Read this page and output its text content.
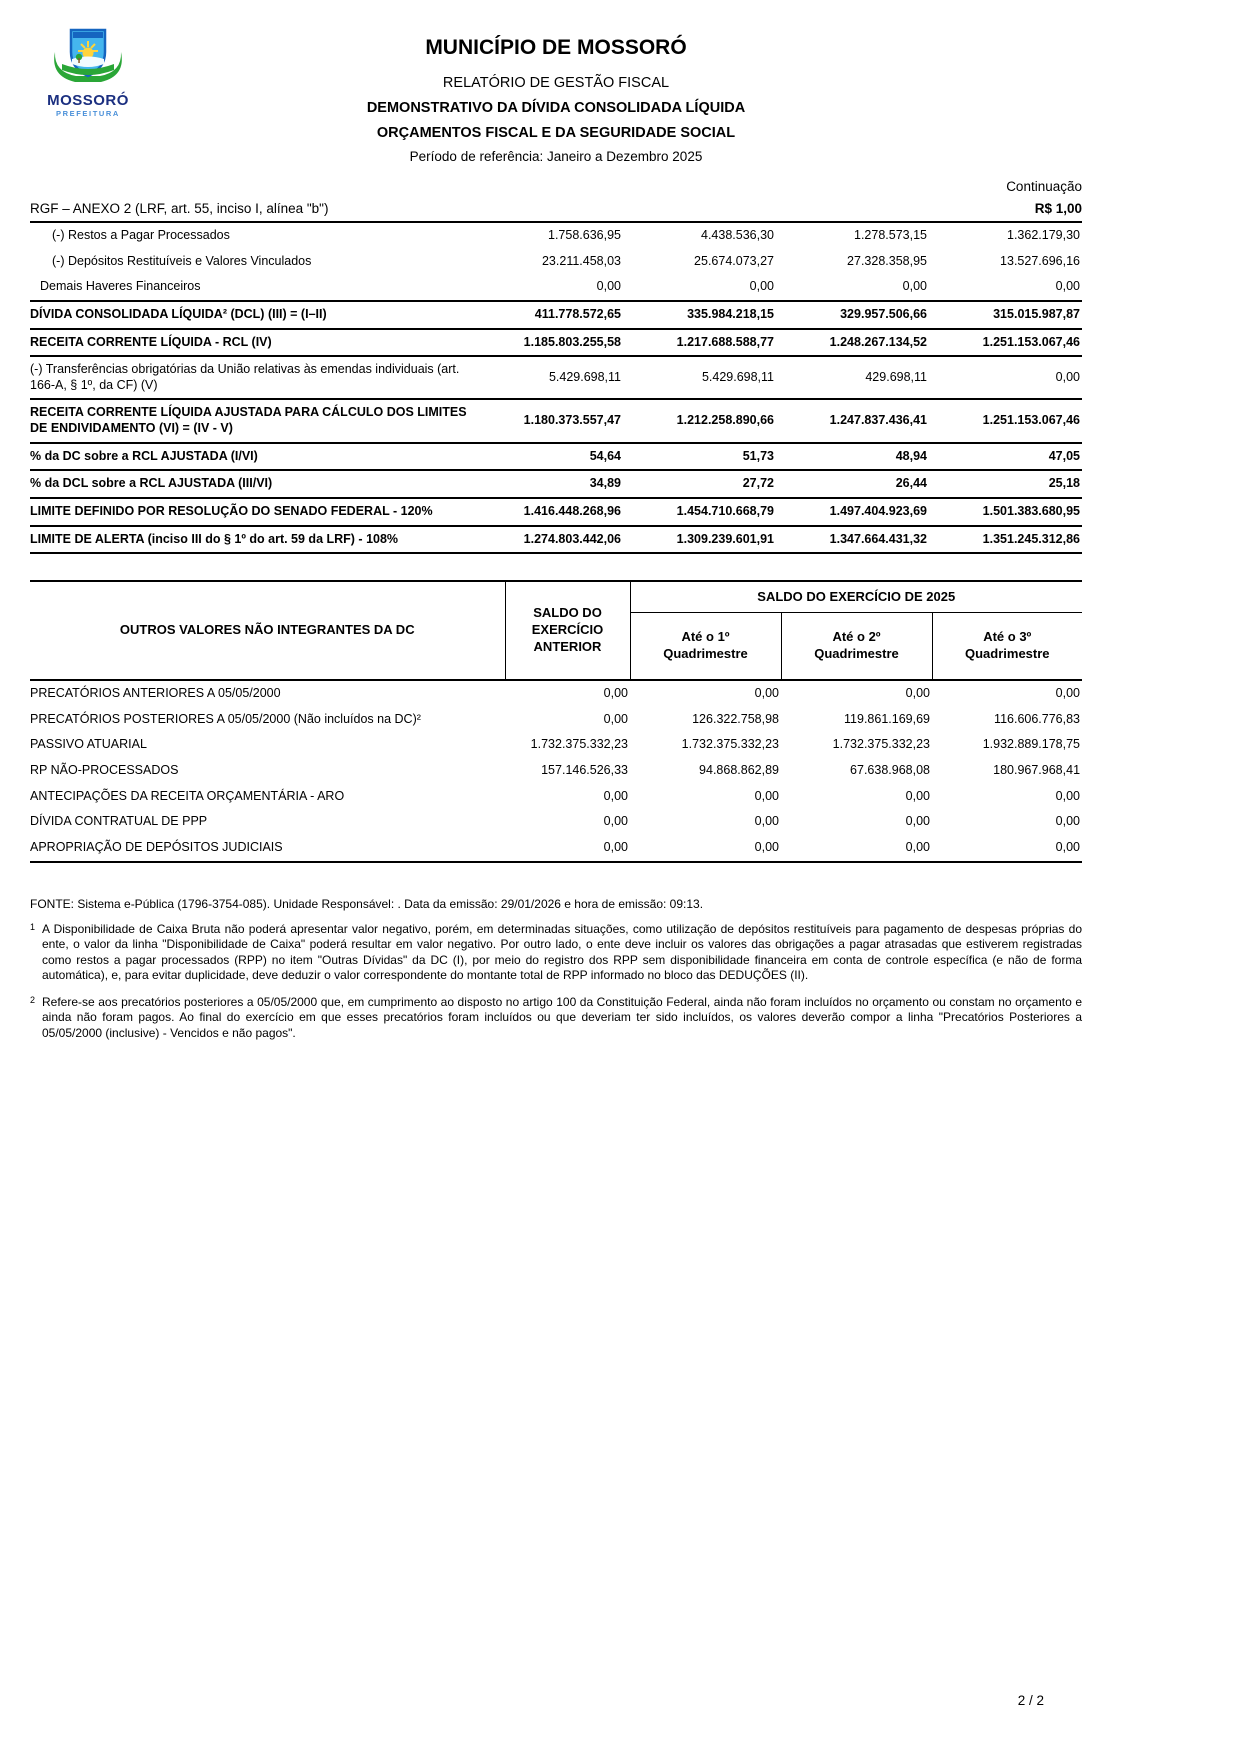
MOSSORÓ
PREFEITURA
MUNICÍPIO DE MOSSORÓ
RELATÓRIO DE GESTÃO FISCAL
DEMONSTRATIVO DA DÍVIDA CONSOLIDADA LÍQUIDA
ORÇAMENTOS FISCAL E DA SEGURIDADE SOCIAL
Período de referência: Janeiro a Dezembro 2025
Continuação
RGF – ANEXO 2 (LRF, art. 55, inciso I, alínea "b")	R$ 1,00
(-) Restos a Pagar Processados	1.758.636,95	4.438.536,30	1.278.573,15	1.362.179,30
(-) Depósitos Restituíveis e Valores Vinculados	23.211.458,03	25.674.073,27	27.328.358,95	13.527.696,16
Demais Haveres Financeiros	0,00	0,00	0,00	0,00
DÍVIDA CONSOLIDADA LÍQUIDA² (DCL) (III) = (I–II)	411.778.572,65	335.984.218,15	329.957.506,66	315.015.987,87
RECEITA CORRENTE LÍQUIDA - RCL (IV)	1.185.803.255,58	1.217.688.588,77	1.248.267.134,52	1.251.153.067,46
(-) Transferências obrigatórias da União relativas às emendas individuais (art. 166-A, § 1º, da CF) (V)	5.429.698,11	5.429.698,11	429.698,11	0,00
RECEITA CORRENTE LÍQUIDA AJUSTADA PARA CÁLCULO DOS LIMITES DE ENDIVIDAMENTO (VI) = (IV - V)	1.180.373.557,47	1.212.258.890,66	1.247.837.436,41	1.251.153.067,46
% da DC sobre a RCL AJUSTADA (I/VI)	54,64	51,73	48,94	47,05
% da DCL sobre a RCL AJUSTADA (III/VI)	34,89	27,72	26,44	25,18
LIMITE DEFINIDO POR RESOLUÇÃO DO SENADO FEDERAL - 120%	1.416.448.268,96	1.454.710.668,79	1.497.404.923,69	1.501.383.680,95
LIMITE DE ALERTA (inciso III do § 1º do art. 59 da LRF) - 108%	1.274.803.442,06	1.309.239.601,91	1.347.664.431,32	1.351.245.312,86
OUTROS VALORES NÃO INTEGRANTES DA DC	SALDO DO EXERCÍCIO ANTERIOR	SALDO DO EXERCÍCIO DE 2025		
		Até o 1º Quadrimestre	Até o 2º Quadrimestre	Até o 3º Quadrimestre
PRECATÓRIOS ANTERIORES A 05/05/2000	0,00	0,00	0,00	0,00
PRECATÓRIOS POSTERIORES A 05/05/2000 (Não incluídos na DC)²	0,00	126.322.758,98	119.861.169,69	116.606.776,83
PASSIVO ATUARIAL	1.732.375.332,23	1.732.375.332,23	1.732.375.332,23	1.932.889.178,75
RP NÃO-PROCESSADOS	157.146.526,33	94.868.862,89	67.638.968,08	180.967.968,41
ANTECIPAÇÕES DA RECEITA ORÇAMENTÁRIA - ARO	0,00	0,00	0,00	0,00
DÍVIDA CONTRATUAL DE PPP	0,00	0,00	0,00	0,00
APROPRIAÇÃO DE DEPÓSITOS JUDICIAIS	0,00	0,00	0,00	0,00
FONTE: Sistema e-Pública (1796-3754-085). Unidade Responsável: . Data da emissão: 29/01/2026 e hora de emissão: 09:13.
1 A Disponibilidade de Caixa Bruta não poderá apresentar valor negativo, porém, em determinadas situações, como utilização de depósitos restituíveis para pagamento de despesas próprias do ente, o valor da linha "Disponibilidade de Caixa" poderá resultar em valor negativo. Por outro lado, o ente deve incluir os valores das obrigações a pagar atrasadas que estiverem registradas como restos a pagar processados (RPP) no item "Outras Dívidas" da DC (I), por meio do registro dos RPP sem disponibilidade financeira em conta de controle específica (e não de forma automática), e, para evitar duplicidade, deve deduzir o valor correspondente do montante total de RPP informado no bloco das DEDUÇÕES (II).
2 Refere-se aos precatórios posteriores a 05/05/2000 que, em cumprimento ao disposto no artigo 100 da Constituição Federal, ainda não foram incluídos no orçamento ou constam no orçamento e ainda não foram pagos. Ao final do exercício em que esses precatórios foram incluídos ou que deveriam ter sido incluídos, os valores deverão compor a linha "Precatórios Posteriores a 05/05/2000 (inclusive) - Vencidos e não pagos".
2 / 2
